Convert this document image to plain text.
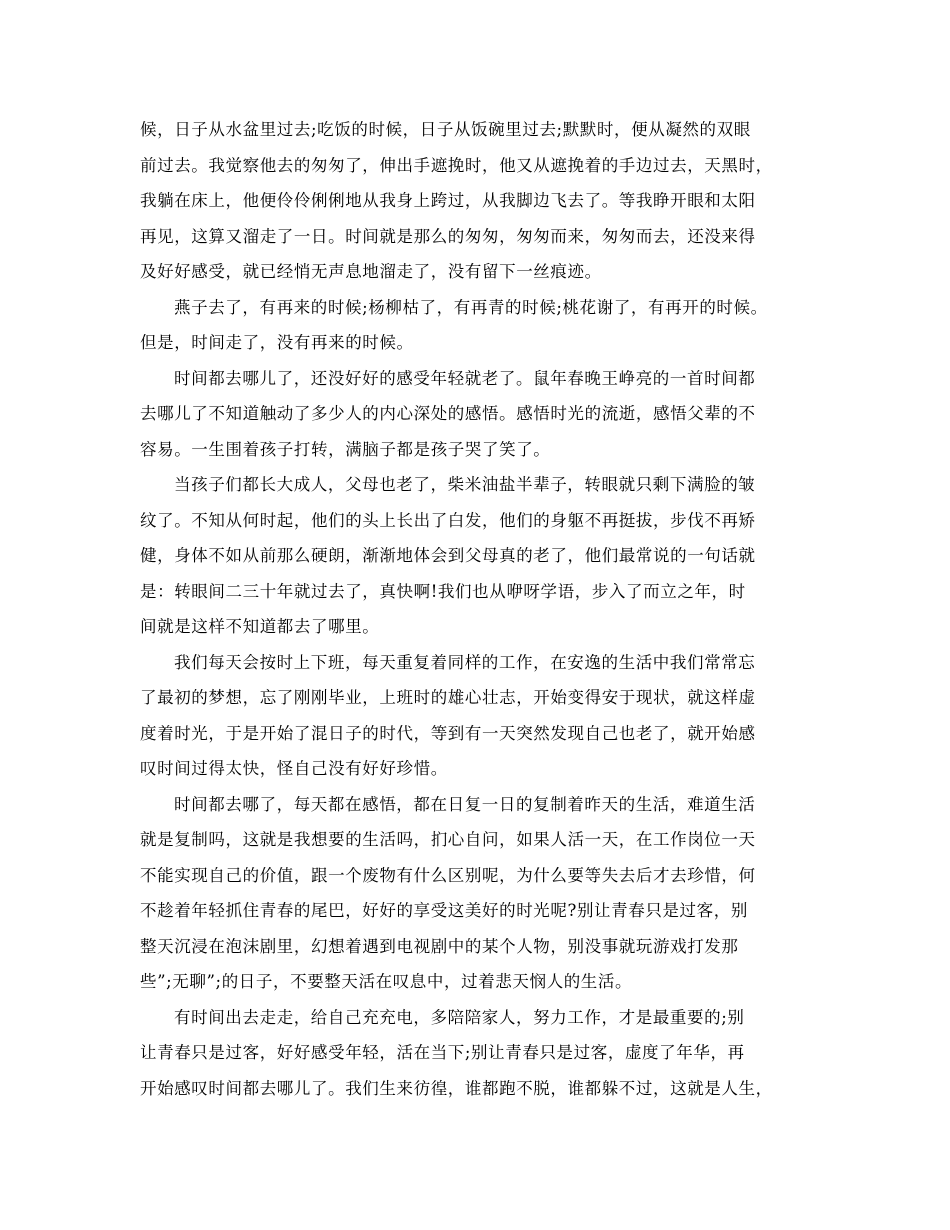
候，日子从水盆里过去;吃饭的时候，日子从饭碗里过去;默默时，便从凝然的双眼
前过去。我觉察他去的匆匆了，伸出手遮挽时，他又从遮挽着的手边过去，天黑时，
我躺在床上，他便伶伶俐俐地从我身上跨过，从我脚边飞去了。等我睁开眼和太阳
再见，这算又溜走了一日。时间就是那么的匆匆，匆匆而来，匆匆而去，还没来得
及好好感受，就已经悄无声息地溜走了，没有留下一丝痕迹。
燕子去了，有再来的时候;杨柳枯了，有再青的时候;桃花谢了，有再开的时候。
但是，时间走了，没有再来的时候。
时间都去哪儿了，还没好好的感受年轻就老了。鼠年春晚王峥亮的一首时间都
去哪儿了不知道触动了多少人的内心深处的感悟。感悟时光的流逝，感悟父辈的不
容易。一生围着孩子打转，满脑子都是孩子哭了笑了。
当孩子们都长大成人，父母也老了，柴米油盐半辈子，转眼就只剩下满脸的皱
纹了。不知从何时起，他们的头上长出了白发，他们的身躯不再挺拔，步伐不再矫
健，身体不如从前那么硬朗，渐渐地体会到父母真的老了，他们最常说的一句话就
是：转眼间二三十年就过去了，真快啊!我们也从咿呀学语，步入了而立之年，时
间就是这样不知道都去了哪里。
我们每天会按时上下班，每天重复着同样的工作，在安逸的生活中我们常常忘
了最初的梦想，忘了刚刚毕业，上班时的雄心壮志，开始变得安于现状，就这样虚
度着时光，于是开始了混日子的时代，等到有一天突然发现自己也老了，就开始感
叹时间过得太快，怪自己没有好好珍惜。
时间都去哪了，每天都在感悟，都在日复一日的复制着昨天的生活，难道生活
就是复制吗，这就是我想要的生活吗，扪心自问，如果人活一天，在工作岗位一天
不能实现自己的价值，跟一个废物有什么区别呢，为什么要等失去后才去珍惜，何
不趁着年轻抓住青春的尾巴，好好的享受这美好的时光呢?别让青春只是过客，别
整天沉浸在泡沫剧里，幻想着遇到电视剧中的某个人物，别没事就玩游戏打发那
些”;无聊”;的日子，不要整天活在叹息中，过着悲天悯人的生活。
有时间出去走走，给自己充充电，多陪陪家人，努力工作，才是最重要的;别
让青春只是过客，好好感受年轻，活在当下;别让青春只是过客，虚度了年华，再
开始感叹时间都去哪儿了。我们生来彷徨，谁都跑不脱，谁都躲不过，这就是人生，
